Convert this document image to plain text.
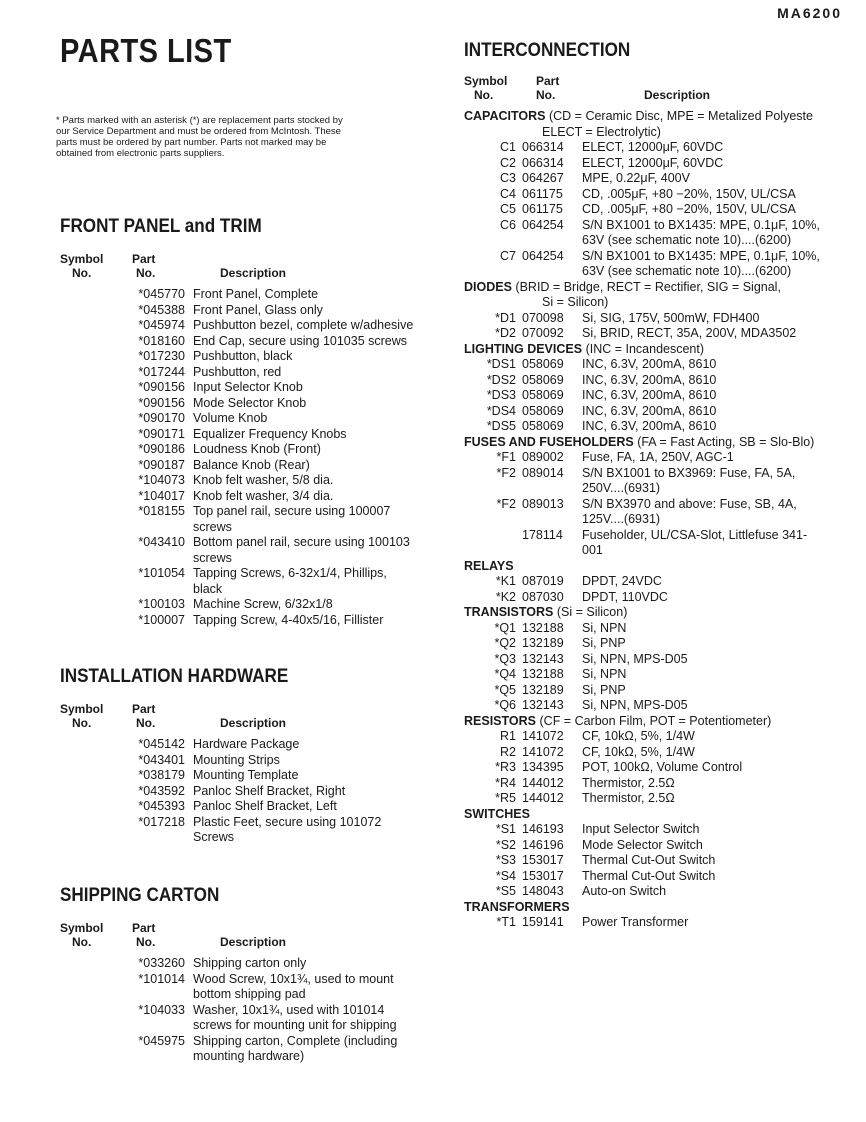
MA6200
PARTS LIST
* Parts marked with an asterisk (*) are replacement parts stocked by our Service Department and must be ordered from McIntosh. These parts must be ordered by part number. Parts not marked may be obtained from electronic parts suppliers.
FRONT PANEL and TRIM
Symbol	Part
No.	No.	Description
*045770 Front Panel, Complete
*045388 Front Panel, Glass only
*045974 Pushbutton bezel, complete w/adhesive
*018160 End Cap, secure using 101035 screws
*017230 Pushbutton, black
*017244 Pushbutton, red
*090156 Input Selector Knob
*090156 Mode Selector Knob
*090170 Volume Knob
*090171 Equalizer Frequency Knobs
*090186 Loudness Knob (Front)
*090187 Balance Knob (Rear)
*104073 Knob felt washer, 5/8 dia.
*104017 Knob felt washer, 3/4 dia.
*018155 Top panel rail, secure using 100007 screws
*043410 Bottom panel rail, secure using 100103 screws
*101054 Tapping Screws, 6-32x1/4, Phillips, black
*100103 Machine Screw, 6/32x1/8
*100007 Tapping Screw, 4-40x5/16, Fillister
INSTALLATION HARDWARE
Symbol	Part
No.	No.	Description
*045142 Hardware Package
*043401 Mounting Strips
*038179 Mounting Template
*043592 Panloc Shelf Bracket, Right
*045393 Panloc Shelf Bracket, Left
*017218 Plastic Feet, secure using 101072 Screws
SHIPPING CARTON
Symbol	Part
No.	No.	Description
*033260 Shipping carton only
*101014 Wood Screw, 10x1¾, used to mount bottom shipping pad
*104033 Washer, 10x1¾, used with 101014 screws for mounting unit for shipping
*045975 Shipping carton, Complete (including mounting hardware)
INTERCONNECTION
Symbol	Part
No.	No.	Description
CAPACITORS (CD = Ceramic Disc, MPE = Metalized Polyeste
ELECT = Electrolytic)
C1 066314	ELECT, 12000μF, 60VDC
C2 066314	ELECT, 12000μF, 60VDC
C3 064267	MPE, 0.22μF, 400V
C4 061175	CD, .005μF, +80 −20%, 150V, UL/CSA
C5 061175	CD, .005μF, +80 −20%, 150V, UL/CSA
C6 064254	S/N BX1001 to BX1435: MPE, 0.1μF, 10%, 63V (see schematic note 10)....(6200)
C7 064254	S/N BX1001 to BX1435: MPE, 0.1μF, 10%, 63V (see schematic note 10)....(6200)
DIODES (BRID = Bridge, RECT = Rectifier, SIG = Signal,
Si = Silicon)
*D1 070098	Si, SIG, 175V, 500mW, FDH400
*D2 070092	Si, BRID, RECT, 35A, 200V, MDA3502
LIGHTING DEVICES (INC = Incandescent)
*DS1 058069	INC, 6.3V, 200mA, 8610
*DS2 058069	INC, 6.3V, 200mA, 8610
*DS3 058069	INC, 6.3V, 200mA, 8610
*DS4 058069	INC, 6.3V, 200mA, 8610
*DS5 058069	INC, 6.3V, 200mA, 8610
FUSES AND FUSEHOLDERS (FA = Fast Acting, SB = Slo-Blo)
*F1 089002	Fuse, FA, 1A, 250V, AGC-1
*F2 089014	S/N BX1001 to BX3969: Fuse, FA, 5A, 250V....(6931)
*F2 089013	S/N BX3970 and above: Fuse, SB, 4A, 125V....(6931)
178114	Fuseholder, UL/CSA-Slot, Littlefuse 341-001
RELAYS
*K1 087019	DPDT, 24VDC
*K2 087030	DPDT, 110VDC
TRANSISTORS (Si = Silicon)
*Q1 132188	Si, NPN
*Q2 132189	Si, PNP
*Q3 132143	Si, NPN, MPS-D05
*Q4 132188	Si, NPN
*Q5 132189	Si, PNP
*Q6 132143	Si, NPN, MPS-D05
RESISTORS (CF = Carbon Film, POT = Potentiometer)
R1 141072	CF, 10kΩ, 5%, 1/4W
R2 141072	CF, 10kΩ, 5%, 1/4W
*R3 134395	POT, 100kΩ, Volume Control
*R4 144012	Thermistor, 2.5Ω
*R5 144012	Thermistor, 2.5Ω
SWITCHES
*S1 146193	Input Selector Switch
*S2 146196	Mode Selector Switch
*S3 153017	Thermal Cut-Out Switch
*S4 153017	Thermal Cut-Out Switch
*S5 148043	Auto-on Switch
TRANSFORMERS
*T1 159141	Power Transformer
